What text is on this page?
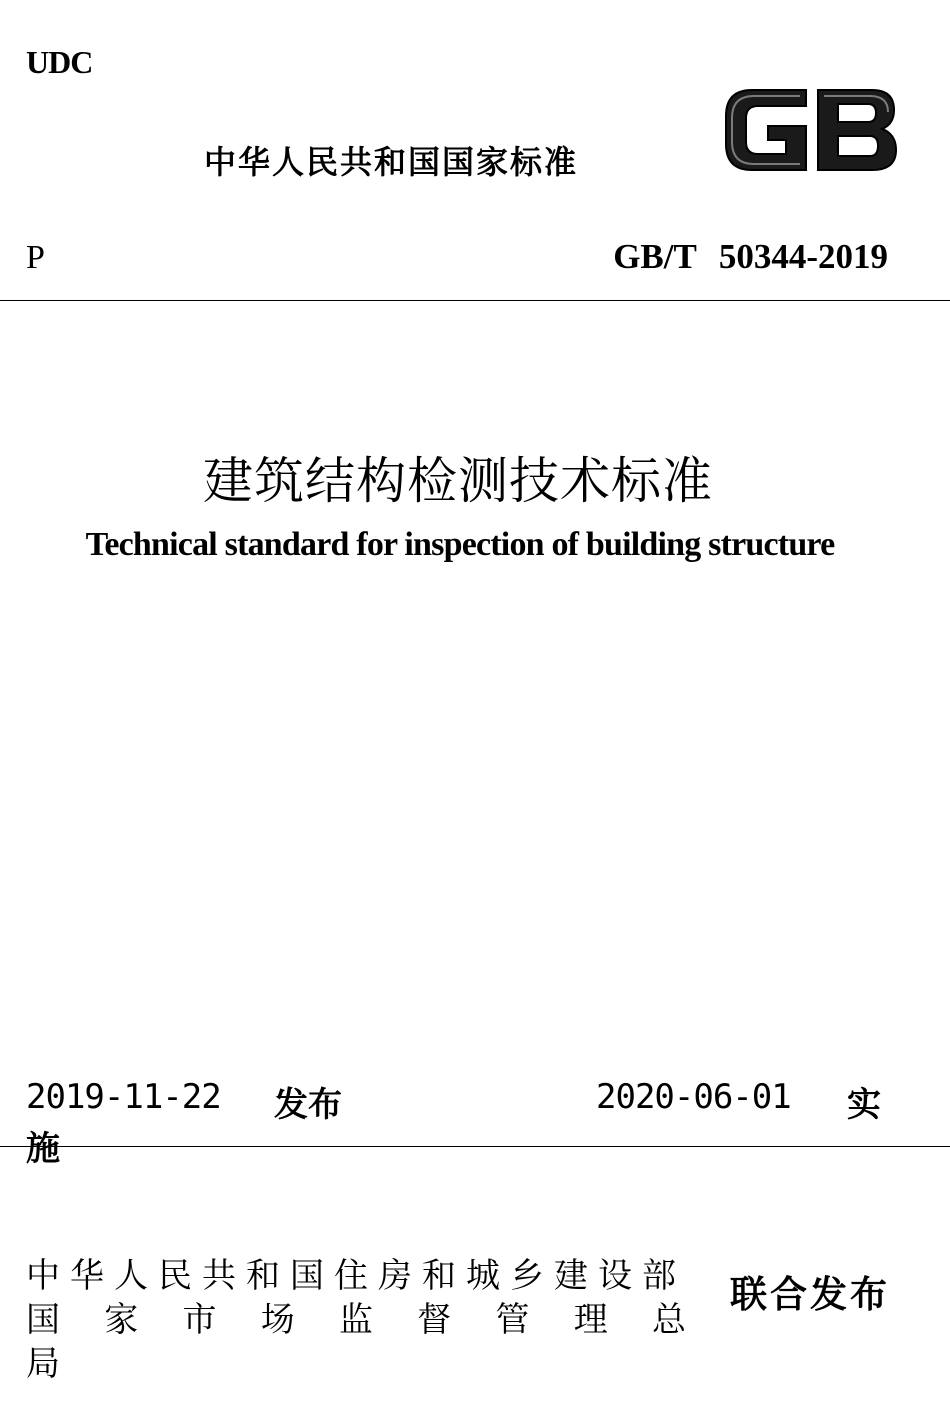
UDC
中华人民共和国国家标准
P	GB/T 50344-2019
建筑结构检测技术标准
Technical standard for inspection of building structure
2019-11-22 发布	2020-06-01 实
施
中华人民共和国住房和城乡建设部
国 家 市 场 监 督 管 理 总
局
联合发布
